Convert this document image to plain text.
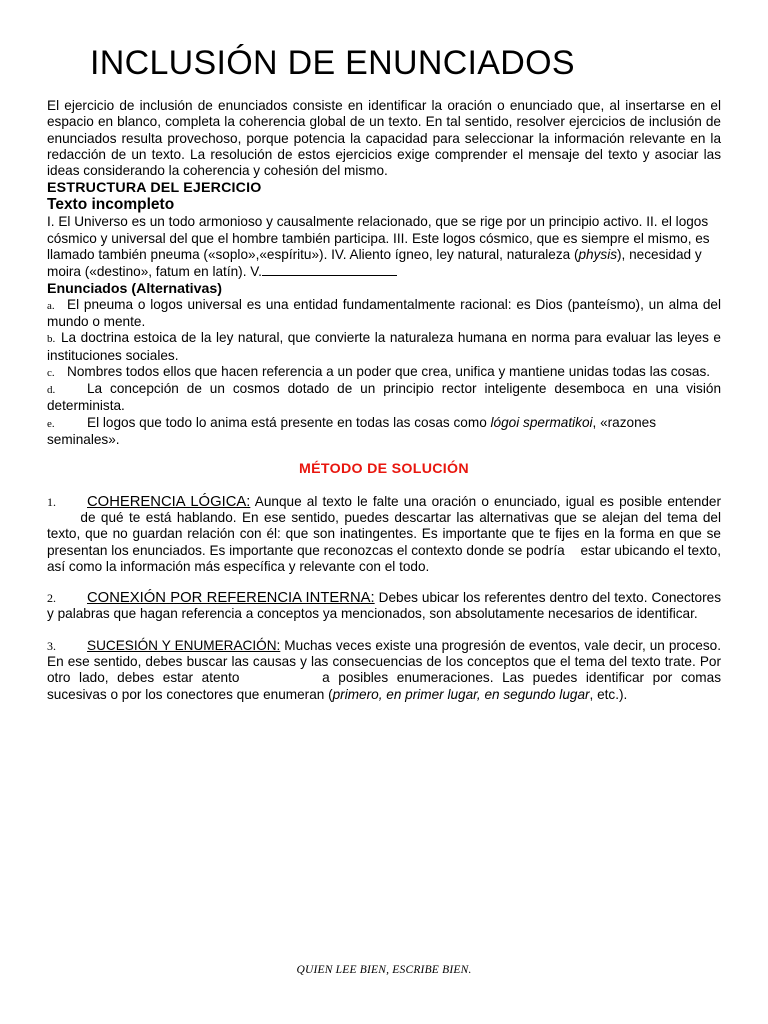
INCLUSIÓN DE ENUNCIADOS

El ejercicio de inclusión de enunciados consiste en identificar la oración o enunciado que, al insertarse en el espacio en blanco, completa la coherencia global de un texto. En tal sentido, resolver ejercicios de inclusión de enunciados resulta provechoso, porque potencia la capacidad para seleccionar la información relevante en la redacción de un texto. La resolución de estos ejercicios exige comprender el mensaje del texto y asociar las ideas considerando la coherencia y cohesión del mismo.

ESTRUCTURA DEL EJERCICIO
Texto incompleto

I. El Universo es un todo armonioso y causalmente relacionado, que se rige por un principio activo. II. el logos cósmico y universal del que el hombre también participa. III. Este logos cósmico, que es siempre el mismo, es llamado también pneuma («soplo»,«espíritu»). IV. Aliento ígneo, ley natural, naturaleza (physis), necesidad y moira («destino», fatum en latín). V.

Enunciados (Alternativas)

a. El pneuma o logos universal es una entidad fundamentalmente racional: es Dios (panteísmo), un alma del mundo o mente.

b. La doctrina estoica de la ley natural, que convierte la naturaleza humana en norma para evaluar las leyes e instituciones sociales.

c. Nombres todos ellos que hacen referencia a un poder que crea, unifica y mantiene unidas todas las cosas.

d. La concepción de un cosmos dotado de un principio rector inteligente desemboca en una visión determinista.

e. El logos que todo lo anima está presente en todas las cosas como lógoi spermatikoi, «razones seminales».

MÉTODO DE SOLUCIÓN

1. COHERENCIA LÓGICA: Aunque al texto le falte una oración o enunciado, igual es posible entender de qué te está hablando. En ese sentido, puedes descartar las alternativas que se alejan del tema del texto, que no guardan relación con él: que son inatingentes. Es importante que te fijes en la forma en que se presentan los enunciados. Es importante que reconozcas el contexto donde se podría estar ubicando el texto, así como la información más específica y relevante con el todo.

2. CONEXIÓN POR REFERENCIA INTERNA: Debes ubicar los referentes dentro del texto. Conectores y palabras que hagan referencia a conceptos ya mencionados, son absolutamente necesarios de identificar.

3. SUCESIÓN Y ENUMERACIÓN: Muchas veces existe una progresión de eventos, vale decir, un proceso. En ese sentido, debes buscar las causas y las consecuencias de los conceptos que el tema del texto trate. Por otro lado, debes estar atento	a posibles enumeraciones. Las puedes identificar por comas sucesivas o por los conectores que enumeran (primero, en primer lugar, en segundo lugar, etc.).

QUIEN LEE BIEN, ESCRIBE BIEN.
